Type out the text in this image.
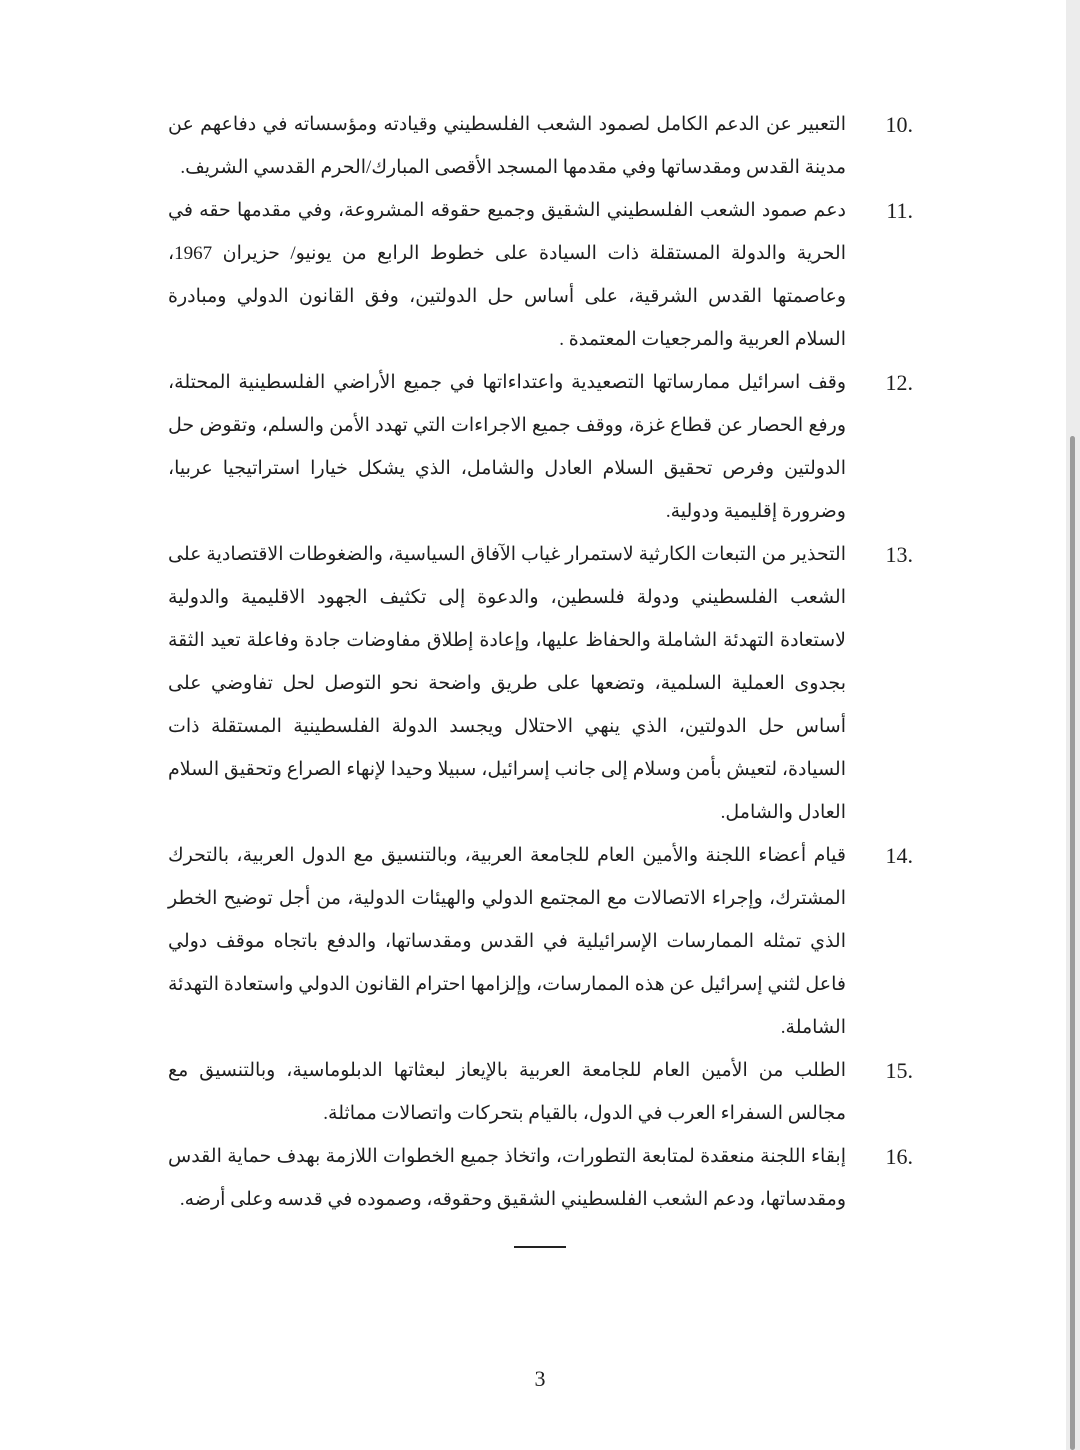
10.
التعبير عن الدعم الكامل لصمود الشعب الفلسطيني وقيادته ومؤسساته في دفاعهم عن مدينة القدس ومقدساتها وفي مقدمها المسجد الأقصى المبارك/الحرم القدسي الشريف.
11.
دعم صمود الشعب الفلسطيني الشقيق وجميع حقوقه المشروعة، وفي مقدمها حقه في الحرية والدولة المستقلة ذات السيادة على خطوط الرابع من يونيو/ حزيران 1967، وعاصمتها القدس الشرقية، على أساس حل الدولتين، وفق القانون الدولي ومبادرة السلام العربية والمرجعيات المعتمدة .
12.
وقف اسرائيل ممارساتها التصعيدية واعتداءاتها في جميع الأراضي الفلسطينية المحتلة، ورفع الحصار عن قطاع غزة، ووقف جميع الاجراءات التي تهدد الأمن والسلم، وتقوض حل الدولتين وفرص تحقيق السلام العادل والشامل، الذي يشكل خيارا استراتيجيا عربيا، وضرورة إقليمية ودولية.
13.
التحذير من التبعات الكارثية لاستمرار غياب الآفاق السياسية، والضغوطات الاقتصادية على الشعب الفلسطيني ودولة فلسطين، والدعوة إلى تكثيف الجهود الاقليمية والدولية لاستعادة التهدئة الشاملة والحفاظ عليها، وإعادة إطلاق مفاوضات جادة وفاعلة تعيد الثقة بجدوى العملية السلمية، وتضعها على طريق واضحة نحو التوصل لحل تفاوضي على أساس حل الدولتين، الذي ينهي الاحتلال ويجسد الدولة الفلسطينية المستقلة ذات السيادة، لتعيش بأمن وسلام إلى جانب إسرائيل، سبيلا وحيدا لإنهاء الصراع وتحقيق السلام العادل والشامل.
14.
قيام أعضاء اللجنة والأمين العام للجامعة العربية، وبالتنسيق مع الدول العربية، بالتحرك المشترك، وإجراء الاتصالات مع المجتمع الدولي والهيئات الدولية، من أجل توضيح الخطر الذي تمثله الممارسات الإسرائيلية في القدس ومقدساتها، والدفع باتجاه موقف دولي فاعل لثني إسرائيل عن هذه الممارسات، وإلزامها احترام القانون الدولي واستعادة التهدئة الشاملة.
15.
الطلب من الأمين العام للجامعة العربية بالإيعاز لبعثاتها الدبلوماسية، وبالتنسيق مع مجالس السفراء العرب في الدول، بالقيام بتحركات واتصالات مماثلة.
16.
إبقاء اللجنة منعقدة لمتابعة التطورات، واتخاذ جميع الخطوات اللازمة بهدف حماية القدس ومقدساتها، ودعم الشعب الفلسطيني الشقيق وحقوقه، وصموده في قدسه وعلى أرضه.
3
